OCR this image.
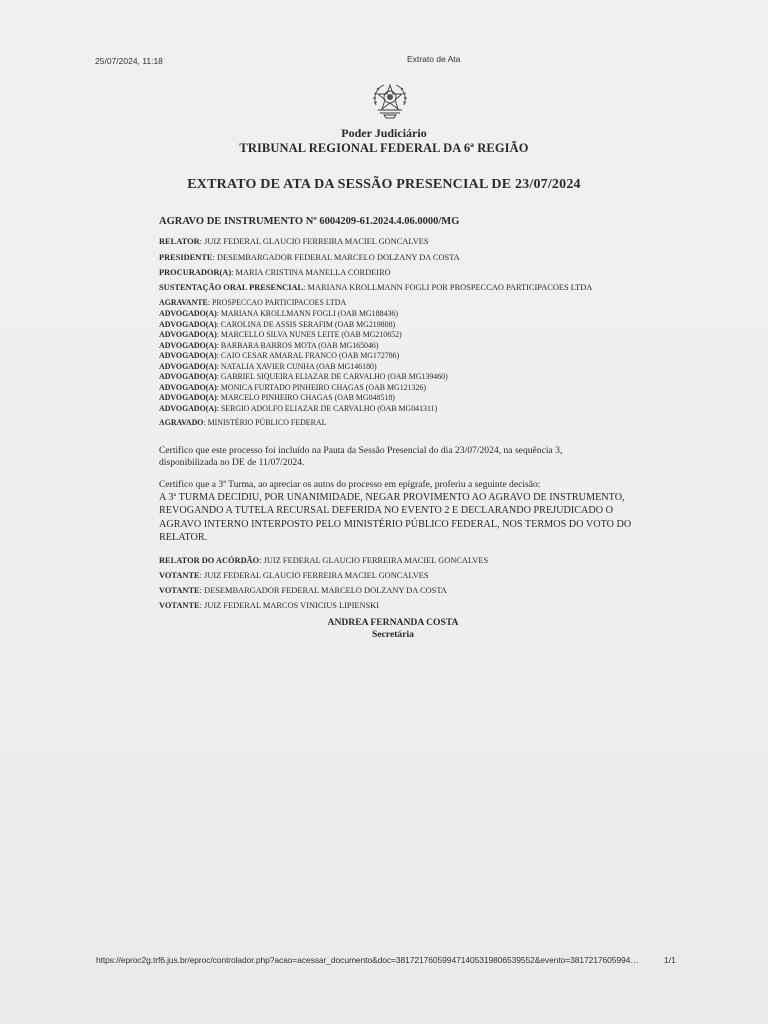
25/07/2024, 11:18	Extrato de Ata
Poder Judiciário
TRIBUNAL REGIONAL FEDERAL DA 6ª REGIÃO
EXTRATO DE ATA DA SESSÃO PRESENCIAL DE 23/07/2024
AGRAVO DE INSTRUMENTO Nº 6004209-61.2024.4.06.0000/MG
RELATOR: JUIZ FEDERAL GLAUCIO FERREIRA MACIEL GONCALVES
PRESIDENTE: DESEMBARGADOR FEDERAL MARCELO DOLZANY DA COSTA
PROCURADOR(A): MARIA CRISTINA MANELLA CORDEIRO
SUSTENTAÇÃO ORAL PRESENCIAL: MARIANA KROLLMANN FOGLI POR PROSPECCAO PARTICIPACOES LTDA
AGRAVANTE: PROSPECCAO PARTICIPACOES LTDA
ADVOGADO(A): MARIANA KROLLMANN FOGLI (OAB MG188436)
ADVOGADO(A): CAROLINA DE ASSIS SERAFIM (OAB MG219808)
ADVOGADO(A): MARCELLO SILVA NUNES LEITE (OAB MG210652)
ADVOGADO(A): BARBARA BARROS MOTA (OAB MG165046)
ADVOGADO(A): CAIO CESAR AMARAL FRANCO (OAB MG172786)
ADVOGADO(A): NATALIA XAVIER CUNHA (OAB MG146180)
ADVOGADO(A): GABRIEL SIQUEIRA ELIAZAR DE CARVALHO (OAB MG139460)
ADVOGADO(A): MONICA FURTADO PINHEIRO CHAGAS (OAB MG121326)
ADVOGADO(A): MARCELO PINHEIRO CHAGAS (OAB MG048518)
ADVOGADO(A): SERGIO ADOLFO ELIAZAR DE CARVALHO (OAB MG041311)
AGRAVADO: MINISTÉRIO PÚBLICO FEDERAL
Certifico que este processo foi incluído na Pauta da Sessão Presencial do dia 23/07/2024, na sequência 3, disponibilizada no DE de 11/07/2024.
Certifico que a 3ª Turma, ao apreciar os autos do processo em epígrafe, proferiu a seguinte decisão:
A 3ª TURMA DECIDIU, POR UNANIMIDADE, NEGAR PROVIMENTO AO AGRAVO DE INSTRUMENTO, REVOGANDO A TUTELA RECURSAL DEFERIDA NO EVENTO 2 E DECLARANDO PREJUDICADO O AGRAVO INTERNO INTERPOSTO PELO MINISTÉRIO PÚBLICO FEDERAL, NOS TERMOS DO VOTO DO RELATOR.
RELATOR DO ACÓRDÃO: JUIZ FEDERAL GLAUCIO FERREIRA MACIEL GONCALVES
VOTANTE: JUIZ FEDERAL GLAUCIO FERREIRA MACIEL GONCALVES
VOTANTE: DESEMBARGADOR FEDERAL MARCELO DOLZANY DA COSTA
VOTANTE: JUIZ FEDERAL MARCOS VINICIUS LIPIENSKI
ANDREA FERNANDA COSTA
Secretária
https://eproc2g.trf6.jus.br/eproc/controlador.php?acao=acessar_documento&doc=381721760599471405319806539552&evento=3817217605994…	1/1
